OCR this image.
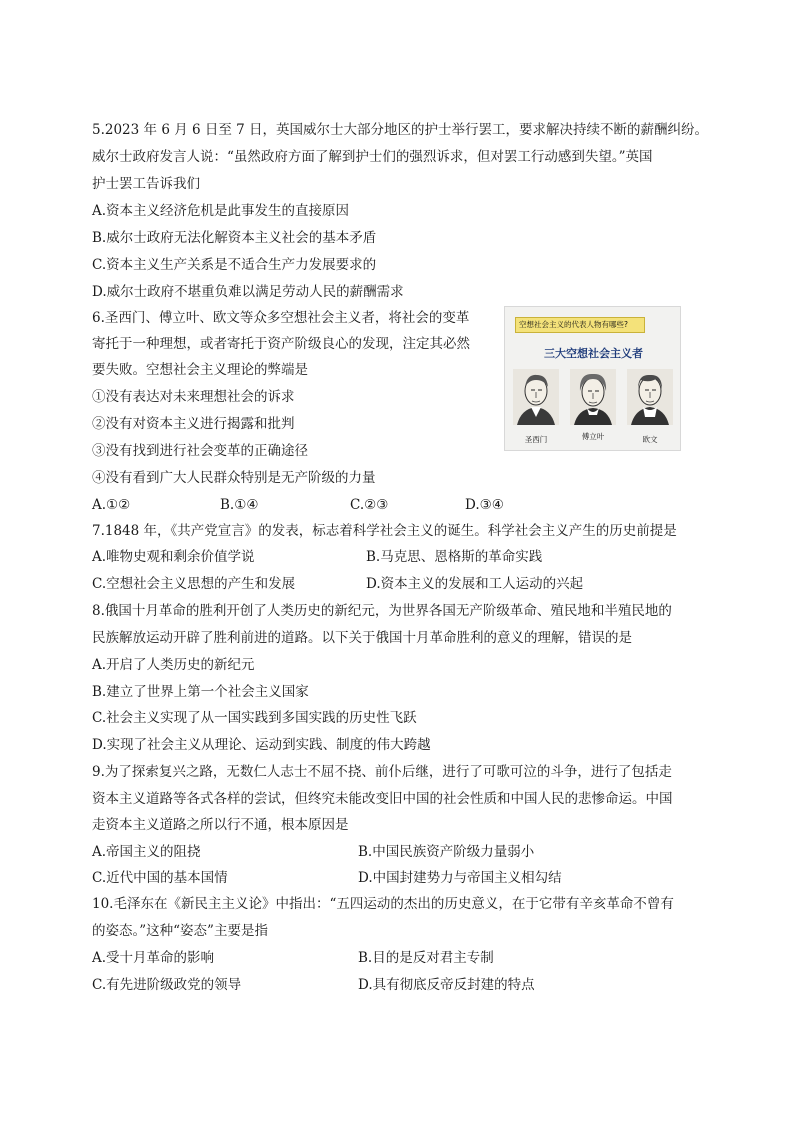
5.2023 年 6 月 6 日至 7 日，英国威尔士大部分地区的护士举行罢工，要求解决持续不断的薪酬纠纷。
威尔士政府发言人说：“虽然政府方面了解到护士们的强烈诉求，但对罢工行动感到失望。”英国
护士罢工告诉我们
A.资本主义经济危机是此事发生的直接原因
B.威尔士政府无法化解资本主义社会的基本矛盾
C.资本主义生产关系是不适合生产力发展要求的
D.威尔士政府不堪重负难以满足劳动人民的薪酬需求
6.圣西门、傅立叶、欧文等众多空想社会主义者，将社会的变革
寄托于一种理想，或者寄托于资产阶级良心的发现，注定其必然
要失败。空想社会主义理论的弊端是
①没有表达对未来理想社会的诉求
②没有对资本主义进行揭露和批判
③没有找到进行社会变革的正确途径
④没有看到广大人民群众特别是无产阶级的力量
A.①②	B.①④	C.②③	D.③④
空想社会主义的代表人物有哪些?
三大空想社会主义者
圣西门	傅立叶	欧文
7.1848 年，《共产党宣言》的发表，标志着科学社会主义的诞生。科学社会主义产生的历史前提是
A.唯物史观和剩余价值学说	B.马克思、恩格斯的革命实践
C.空想社会主义思想的产生和发展	D.资本主义的发展和工人运动的兴起
8.俄国十月革命的胜利开创了人类历史的新纪元，为世界各国无产阶级革命、殖民地和半殖民地的
民族解放运动开辟了胜利前进的道路。以下关于俄国十月革命胜利的意义的理解，错误的是
A.开启了人类历史的新纪元
B.建立了世界上第一个社会主义国家
C.社会主义实现了从一国实践到多国实践的历史性飞跃
D.实现了社会主义从理论、运动到实践、制度的伟大跨越
9.为了探索复兴之路，无数仁人志士不屈不挠、前仆后继，进行了可歌可泣的斗争，进行了包括走
资本主义道路等各式各样的尝试，但终究未能改变旧中国的社会性质和中国人民的悲惨命运。中国
走资本主义道路之所以行不通，根本原因是
A.帝国主义的阻挠	B.中国民族资产阶级力量弱小
C.近代中国的基本国情	D.中国封建势力与帝国主义相勾结
10.毛泽东在《新民主主义论》中指出：“五四运动的杰出的历史意义，在于它带有辛亥革命不曾有
的姿态。”这种“姿态”主要是指
A.受十月革命的影响	B.目的是反对君主专制
C.有先进阶级政党的领导	D.具有彻底反帝反封建的特点
